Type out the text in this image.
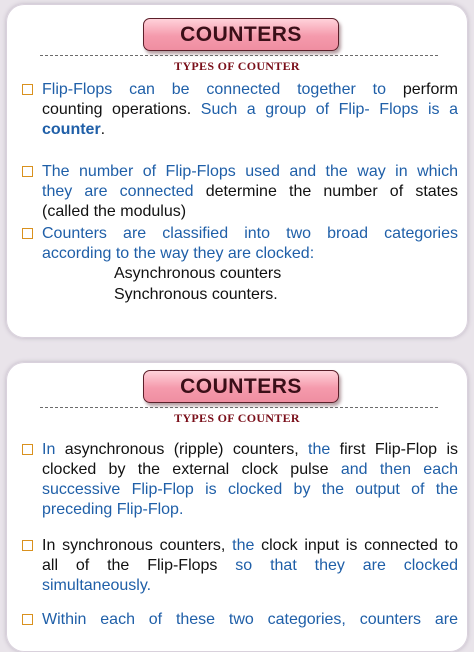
COUNTERS
TYPES OF COUNTER
Flip-Flops can be connected together to perform
counting operations. Such a group of Flip- Flops is a
counter.
The number of Flip-Flops used and the way in which
they are connected determine the number of states
(called the modulus)
Counters are classified into two broad categories
according to the way they are clocked:
Asynchronous counters
Synchronous counters.
COUNTERS
TYPES OF COUNTER
In asynchronous (ripple) counters, the first Flip-Flop is
clocked by the external clock pulse and then each
successive Flip-Flop is clocked by the output of the
preceding Flip-Flop.
In synchronous counters, the clock input is connected to
all of the Flip-Flops so that they are clocked
simultaneously.
Within each of these two categories, counters are
